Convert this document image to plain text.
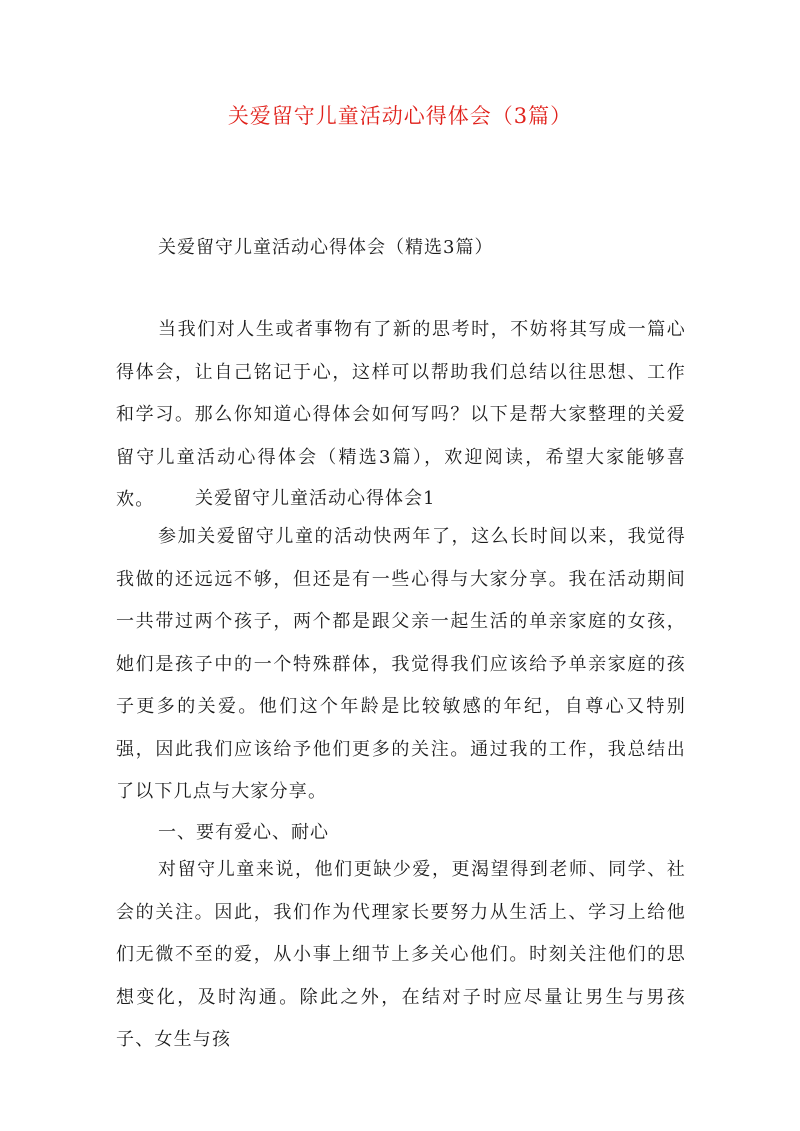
关爱留守儿童活动心得体会（3篇）
关爱留守儿童活动心得体会（精选3篇）

当我们对人生或者事物有了新的思考时，不妨将其写成一篇心得体会，让自己铭记于心，这样可以帮助我们总结以往思想、工作和学习。那么你知道心得体会如何写吗？以下是帮大家整理的关爱留守儿童活动心得体会（精选3篇），欢迎阅读，希望大家能够喜欢。	关爱留守儿童活动心得体会1

参加关爱留守儿童的活动快两年了，这么长时间以来，我觉得我做的还远远不够，但还是有一些心得与大家分享。我在活动期间一共带过两个孩子，两个都是跟父亲一起生活的单亲家庭的女孩，她们是孩子中的一个特殊群体，我觉得我们应该给予单亲家庭的孩子更多的关爱。他们这个年龄是比较敏感的年纪，自尊心又特别强，因此我们应该给予他们更多的关注。通过我的工作，我总结出了以下几点与大家分享。

一、要有爱心、耐心

对留守儿童来说，他们更缺少爱，更渴望得到老师、同学、社会的关注。因此，我们作为代理家长要努力从生活上、学习上给他们无微不至的爱，从小事上细节上多关心他们。时刻关注他们的思想变化，及时沟通。除此之外，在结对子时应尽量让男生与男孩子、女生与孩
